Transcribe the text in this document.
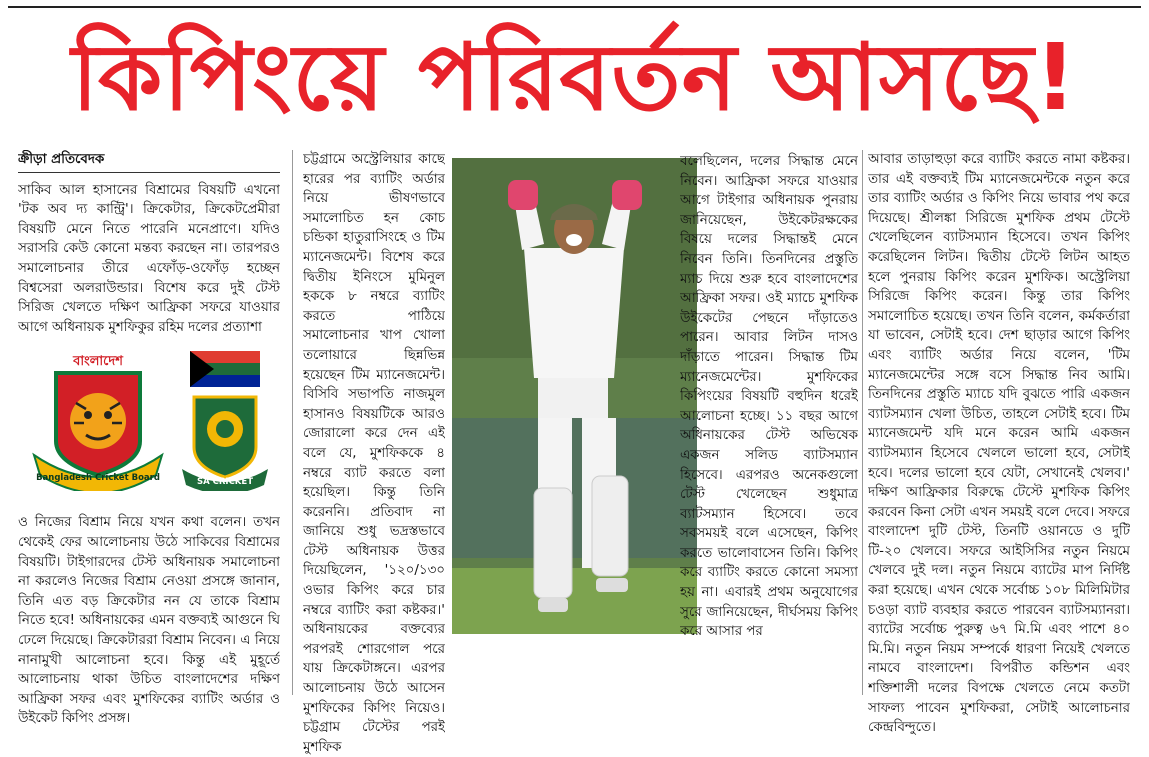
কিপিংয়ে পরিবর্তন আসছে!
ক্রীড়া প্রতিবেদক

সাকিব আল হাসানের বিশ্রামের বিষয়টি এখনো 'টক অব দ্য কান্ট্রি'। ক্রিকেটার, ক্রিকেটপ্রেমীরা বিষয়টি মেনে নিতে পারেনি মনেপ্রাণে। যদিও সরাসরি কেউ কোনো মন্তব্য করছেন না। তারপরও সমালোচনার তীরে এফোঁড়-ওফোঁড় হচ্ছেন বিশ্বসেরা অলরাউন্ডার। বিশেষ করে দুই টেস্ট সিরিজ খেলতে দক্ষিণ আফ্রিকা সফরে যাওয়ার আগে অধিনায়ক মুশফিকুর রহিম দলের প্রত্যাশা

বাংলাদেশ
Bangladesh Cricket Board	SA CRICKET

ও নিজের বিশ্রাম নিয়ে যখন কথা বলেন। তখন থেকেই ফের আলোচনায় উঠে সাকিবের বিশ্রামের বিষয়টি। টাইগারদের টেস্ট অধিনায়ক সমালোচনা না করলেও নিজের বিশ্রাম নেওয়া প্রসঙ্গে জানান, তিনি এত বড় ক্রিকেটার নন যে তাকে বিশ্রাম নিতে হবে! অধিনায়কের এমন বক্তব্যই আগুনে ঘি ঢেলে দিয়েছে। ক্রিকেটাররা বিশ্রাম নিবেন। এ নিয়ে নানামুখী আলোচনা হবে। কিন্তু এই মুহূর্তে আলোচনায় থাকা উচিত বাংলাদেশের দক্ষিণ আফ্রিকা সফর এবং মুশফিকের ব্যাটিং অর্ডার ও উইকেট কিপিং প্রসঙ্গ।

চট্টগ্রামে অস্ট্রেলিয়ার কাছে হারের পর ব্যাটিং অর্ডার নিয়ে ভীষণভাবে সমালোচিত হন কোচ চন্ডিকা হাতুরাসিংহে ও টিম ম্যানেজমেন্ট। বিশেষ করে দ্বিতীয় ইনিংসে মুমিনুল হককে ৮ নম্বরে ব্যাটিং করতে পাঠিয়ে সমালোচনার খাপ খোলা তলোয়ারে ছিন্নভিন্ন হয়েছেন টিম ম্যানেজমেন্ট। বিসিবি সভাপতি নাজমুল হাসানও বিষয়টিকে আরও জোরালো করে দেন এই বলে যে, মুশফিককে ৪ নম্বরে ব্যাট করতে বলা হয়েছিল। কিন্তু তিনি করেননি। প্রতিবাদ না জানিয়ে শুধু ভদ্রস্তভাবে টেস্ট অধিনায়ক উত্তর দিয়েছিলেন, '১২০/১৩০ ওভার কিপিং করে চার নম্বরে ব্যাটিং করা কষ্টকর।' অধিনায়কের বক্তব্যের পরপরই শোরগোল পরে যায় ক্রিকেটাঙ্গনে। এরপর আলোচনায় উঠে আসেন মুশফিকের কিপিং নিয়েও। চট্টগ্রাম টেস্টের পরই মুশফিক

বলেছিলেন, দলের সিদ্ধান্ত মেনে নিবেন। আফ্রিকা সফরে যাওয়ার আগে টাইগার অধিনায়ক পুনরায় জানিয়েছেন, উইকেটরক্ষকের বিষয়ে দলের সিদ্ধান্তই মেনে নিবেন তিনি। তিনদিনের প্রস্তুতি ম্যাচ দিয়ে শুরু হবে বাংলাদেশের আফ্রিকা সফর। ওই ম্যাচে মুশফিক উইকেটের পেছনে দাঁড়াতেও পারেন। আবার লিটন দাসও দাঁড়াতে পারেন। সিদ্ধান্ত টিম ম্যানেজমেন্টের। মুশফিকের কিপিংয়ের বিষয়টি বহুদিন ধরেই আলোচনা হচ্ছে। ১১ বছর আগে অধিনায়কের টেস্ট অভিষেক একজন সলিড ব্যাটসম্যান হিসেবে। এরপরও অনেকগুলো টেস্ট খেলেছেন শুধুমাত্র ব্যাটসম্যান হিসেবে। তবে সবসময়ই বলে এসেছেন, কিপিং করতে ভালোবাসেন তিনি। কিপিং করে ব্যাটিং করতে কোনো সমস্যা হয় না। এবারই প্রথম অনুযোগের সুরে জানিয়েছেন, দীর্ঘসময় কিপিং করে আসার পর

আবার তাড়াহুড়া করে ব্যাটিং করতে নামা কষ্টকর। তার এই বক্তব্যই টিম ম্যানেজমেন্টকে নতুন করে তার ব্যাটিং অর্ডার ও কিপিং নিয়ে ভাবার পথ করে দিয়েছে। শ্রীলঙ্কা সিরিজে মুশফিক প্রথম টেস্টে খেলেছিলেন ব্যাটসম্যান হিসেবে। তখন কিপিং করেছিলেন লিটন। দ্বিতীয় টেস্টে লিটন আহত হলে পুনরায় কিপিং করেন মুশফিক। অস্ট্রেলিয়া সিরিজে কিপিং করেন। কিন্তু তার কিপিং সমালোচিত হয়েছে। তখন তিনি বলেন, কর্মকর্তারা যা ভাবেন, সেটাই হবে। দেশ ছাড়ার আগে কিপিং এবং ব্যাটিং অর্ডার নিয়ে বলেন, 'টিম ম্যানেজমেন্টের সঙ্গে বসে সিদ্ধান্ত নিব আমি। তিনদিনের প্রস্তুতি ম্যাচে যদি বুঝতে পারি একজন ব্যাটসম্যান খেলা উচিত, তাহলে সেটাই হবে। টিম ম্যানেজমেন্ট যদি মনে করেন আমি একজন ব্যাটসম্যান হিসেবে খেললে ভালো হবে, সেটাই হবে। দলের ভালো হবে যেটা, সেখানেই খেলব।' দক্ষিণ আফ্রিকার বিরুদ্ধে টেস্টে মুশফিক কিপিং করবেন কিনা সেটা এখন সময়ই বলে দেবে। সফরে বাংলাদেশ দুটি টেস্ট, তিনটি ওয়ানডে ও দুটি টি-২০ খেলবে। সফরে আইসিসির নতুন নিয়মে খেলবে দুই দল। নতুন নিয়মে ব্যাটের মাপ নির্দিষ্ট করা হয়েছে। এখন থেকে সর্বোচ্চ ১০৮ মিলিমিটার চওড়া ব্যাট ব্যবহার করতে পারবেন ব্যাটসম্যানরা। ব্যাটের সর্বোচ্চ পুরুত্ব ৬৭ মি.মি এবং পাশে ৪০ মি.মি। নতুন নিয়ম সম্পর্কে ধারণা নিয়েই খেলতে নামবে বাংলাদেশ। বিপরীত কন্ডিশন এবং শক্তিশালী দলের বিপক্ষে খেলতে নেমে কতটা সাফল্য পাবেন মুশফিকরা, সেটাই আলোচনার কেন্দ্রবিন্দুতে।
